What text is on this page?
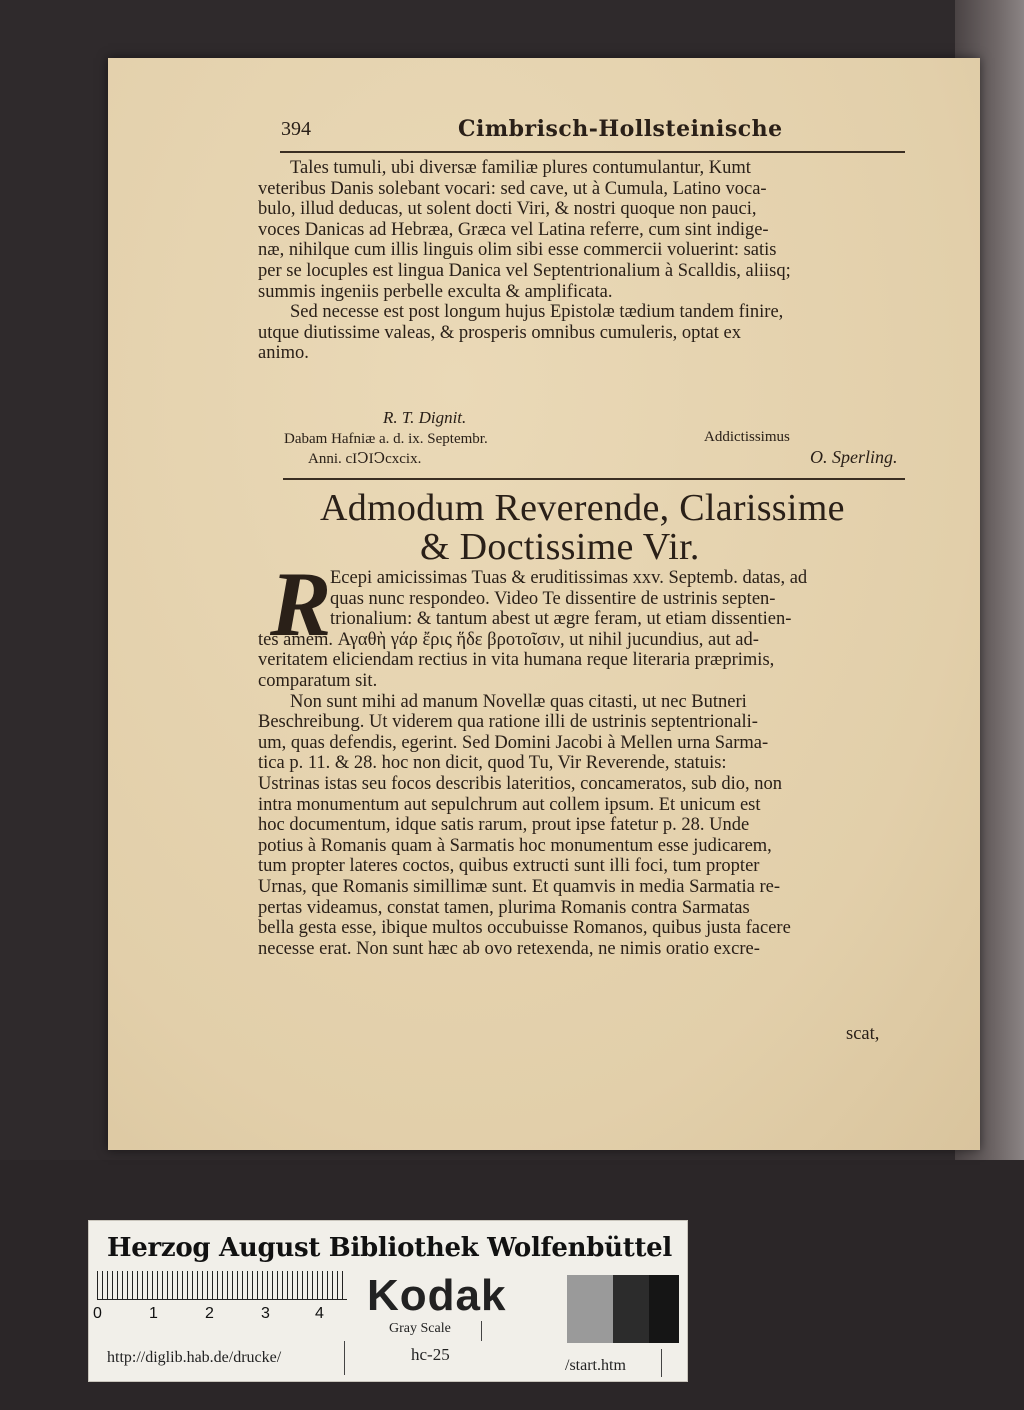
394	Cimbrisch-Hollsteinische
Tales tumuli, ubi diversæ familiæ plures contumulantur, Kumt
veteribus Danis solebant vocari: sed cave, ut à Cumula, Latino voca-
bulo, illud deducas, ut solent docti Viri, & nostri quoque non pauci,
voces Danicas ad Hebræa, Græca vel Latina referre, cum sint indige-
næ, nihilque cum illis linguis olim sibi esse commercii voluerint: satis
per se locuples est lingua Danica vel Septentrionalium à Scalldis, aliisq;
summis ingeniis perbelle exculta & amplificata.
Sed necesse est post longum hujus Epistolæ tædium tandem finire,
utque diutissime valeas, & prosperis omnibus cumuleris, optat ex
animo.
R. T. Dignit.
Dabam Hafniæ a. d. ix. Septembr.
Anni. cIↃIↃcxcix.
Addictissimus
O. Sperling.
Admodum Reverende, Clarissime
& Doctissime Vir.
R
Ecepi amicissimas Tuas & eruditissimas xxv. Septemb. datas, ad
quas nunc respondeo. Video Te dissentire de ustrinis septen-
trionalium: & tantum abest ut ægre feram, ut etiam dissentien-
tes amem. Αγαθὴ γάρ ἔρις ἥδε βροτοῖσιν, ut nihil jucundius, aut ad-
veritatem eliciendam rectius in vita humana reque literaria præprimis,
comparatum sit.
Non sunt mihi ad manum Novellæ quas citasti, ut nec Butneri
Beschreibung. Ut viderem qua ratione illi de ustrinis septentrionali-
um, quas defendis, egerint. Sed Domini Jacobi à Mellen urna Sarma-
tica p. 11. & 28. hoc non dicit, quod Tu, Vir Reverende, statuis:
Ustrinas istas seu focos describis lateritios, concameratos, sub dio, non
intra monumentum aut sepulchrum aut collem ipsum. Et unicum est
hoc documentum, idque satis rarum, prout ipse fatetur p. 28. Unde
potius à Romanis quam à Sarmatis hoc monumentum esse judicarem,
tum propter lateres coctos, quibus extructi sunt illi foci, tum propter
Urnas, que Romanis simillimæ sunt. Et quamvis in media Sarmatia re-
pertas videamus, constat tamen, plurima Romanis contra Sarmatas
bella gesta esse, ibique multos occubuisse Romanos, quibus justa facere
necesse erat. Non sunt hæc ab ovo retexenda, ne nimis oratio excre-
scat,
Herzog August Bibliothek Wolfenbüttel
0	1	2	3	4 Kodak
Gray Scale
http://diglib.hab.de/drucke/	hc-25
/start.htm
